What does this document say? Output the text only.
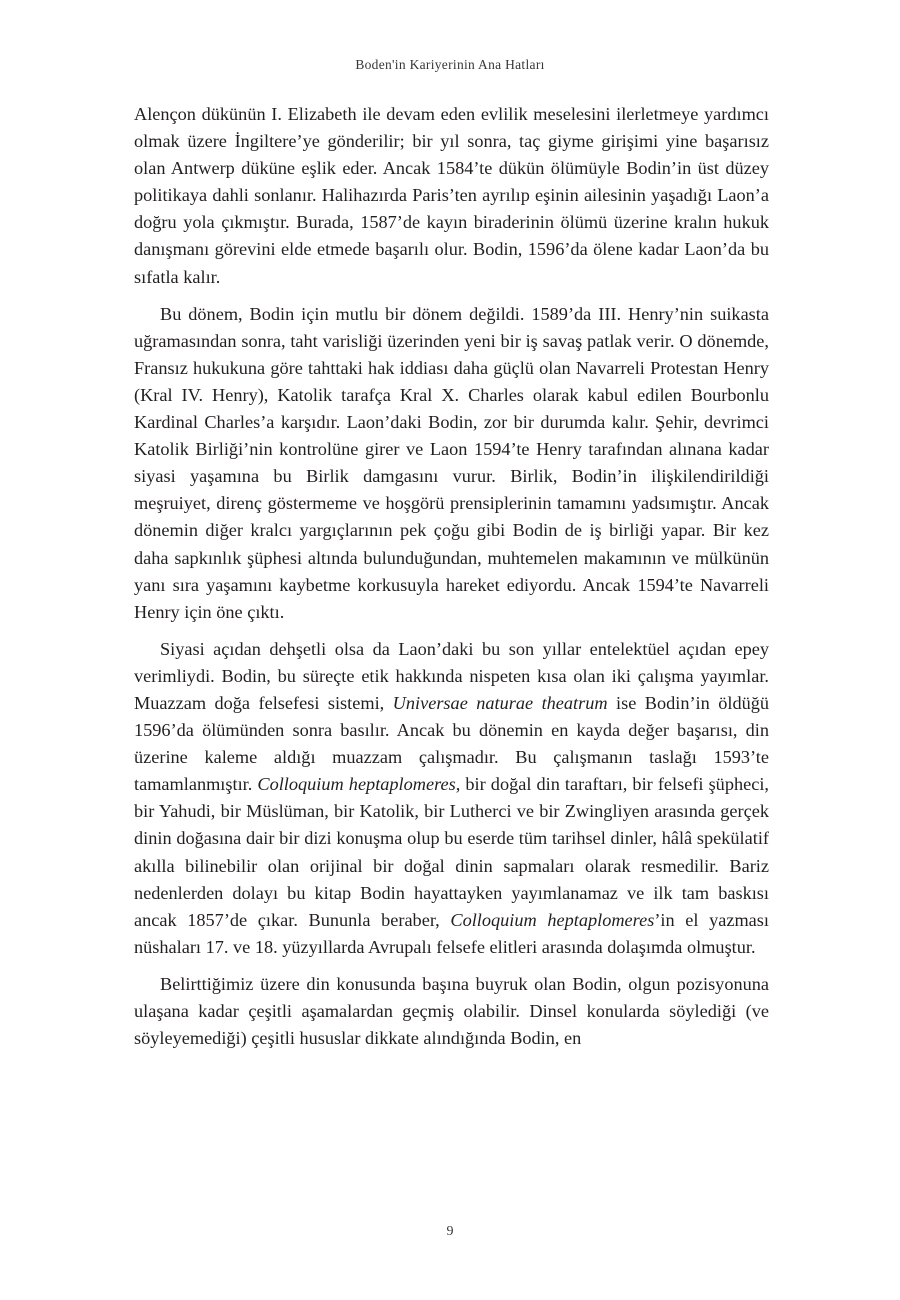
Boden'in Kariyerinin Ana Hatları

Alençon dükünün I. Elizabeth ile devam eden evlilik meselesini ilerletmeye yardımcı olmak üzere İngiltere’ye gönderilir; bir yıl sonra, taç giyme girişimi yine başarısız olan Antwerp düküne eşlik eder. Ancak 1584’te dükün ölümüyle Bodin’in üst düzey politikaya dahli sonlanır. Halihazırda Paris’ten ayrılıp eşinin ailesinin yaşadığı Laon’a doğru yola çıkmıştır. Burada, 1587’de kayın biraderinin ölümü üzerine kralın hukuk danışmanı görevini elde etmede başarılı olur. Bodin, 1596’da ölene kadar Laon’da bu sıfatla kalır.

Bu dönem, Bodin için mutlu bir dönem değildi. 1589’da III. Henry’nin suikasta uğramasından sonra, taht varisliği üzerinden yeni bir iş savaş patlak verir. O dönemde, Fransız hukukuna göre tahttaki hak iddiası daha güçlü olan Navarreli Protestan Henry (Kral IV. Henry), Katolik tarafça Kral X. Charles olarak kabul edilen Bourbonlu Kardinal Charles’a karşıdır. Laon’daki Bodin, zor bir durumda kalır. Şehir, devrimci Katolik Birliği’nin kontrolüne girer ve Laon 1594’te Henry tarafından alınana kadar siyasi yaşamına bu Birlik damgasını vurur. Birlik, Bodin’in ilişkilendirildiği meşruiyet, direnç göstermeme ve hoşgörü prensiplerinin tamamını yadsımıştır. Ancak dönemin diğer kralcı yargıçlarının pek çoğu gibi Bodin de iş birliği yapar. Bir kez daha sapkınlık şüphesi altında bulunduğundan, muhtemelen makamının ve mülkünün yanı sıra yaşamını kaybetme korkusuyla hareket ediyordu. Ancak 1594’te Navarreli Henry için öne çıktı.

Siyasi açıdan dehşetli olsa da Laon’daki bu son yıllar entelektüel açıdan epey verimliydi. Bodin, bu süreçte etik hakkında nispeten kısa olan iki çalışma yayımlar. Muazzam doğa felsefesi sistemi, Universae naturae theatrum ise Bodin’in öldüğü 1596’da ölümünden sonra basılır. Ancak bu dönemin en kayda değer başarısı, din üzerine kaleme aldığı muazzam çalışmadır. Bu çalışmanın taslağı 1593’te tamamlanmıştır. Colloquium heptaplomeres, bir doğal din taraftarı, bir felsefi şüpheci, bir Yahudi, bir Müslüman, bir Katolik, bir Lutherci ve bir Zwingliyen arasında gerçek dinin doğasına dair bir dizi konuşma olup bu eserde tüm tarihsel dinler, hâlâ spekülatif akılla bilinebilir olan orijinal bir doğal dinin sapmaları olarak resmedilir. Bariz nedenlerden dolayı bu kitap Bodin hayattayken yayımlanamaz ve ilk tam baskısı ancak 1857’de çıkar. Bununla beraber, Colloquium heptaplomeres’in el yazması nüshaları 17. ve 18. yüzyıllarda Avrupalı felsefe elitleri arasında dolaşımda olmuştur.

Belirttiğimiz üzere din konusunda başına buyruk olan Bodin, olgun pozisyonuna ulaşana kadar çeşitli aşamalardan geçmiş olabilir. Dinsel konularda söylediği (ve söyleyemediği) çeşitli hususlar dikkate alındığında Bodin, en

9
